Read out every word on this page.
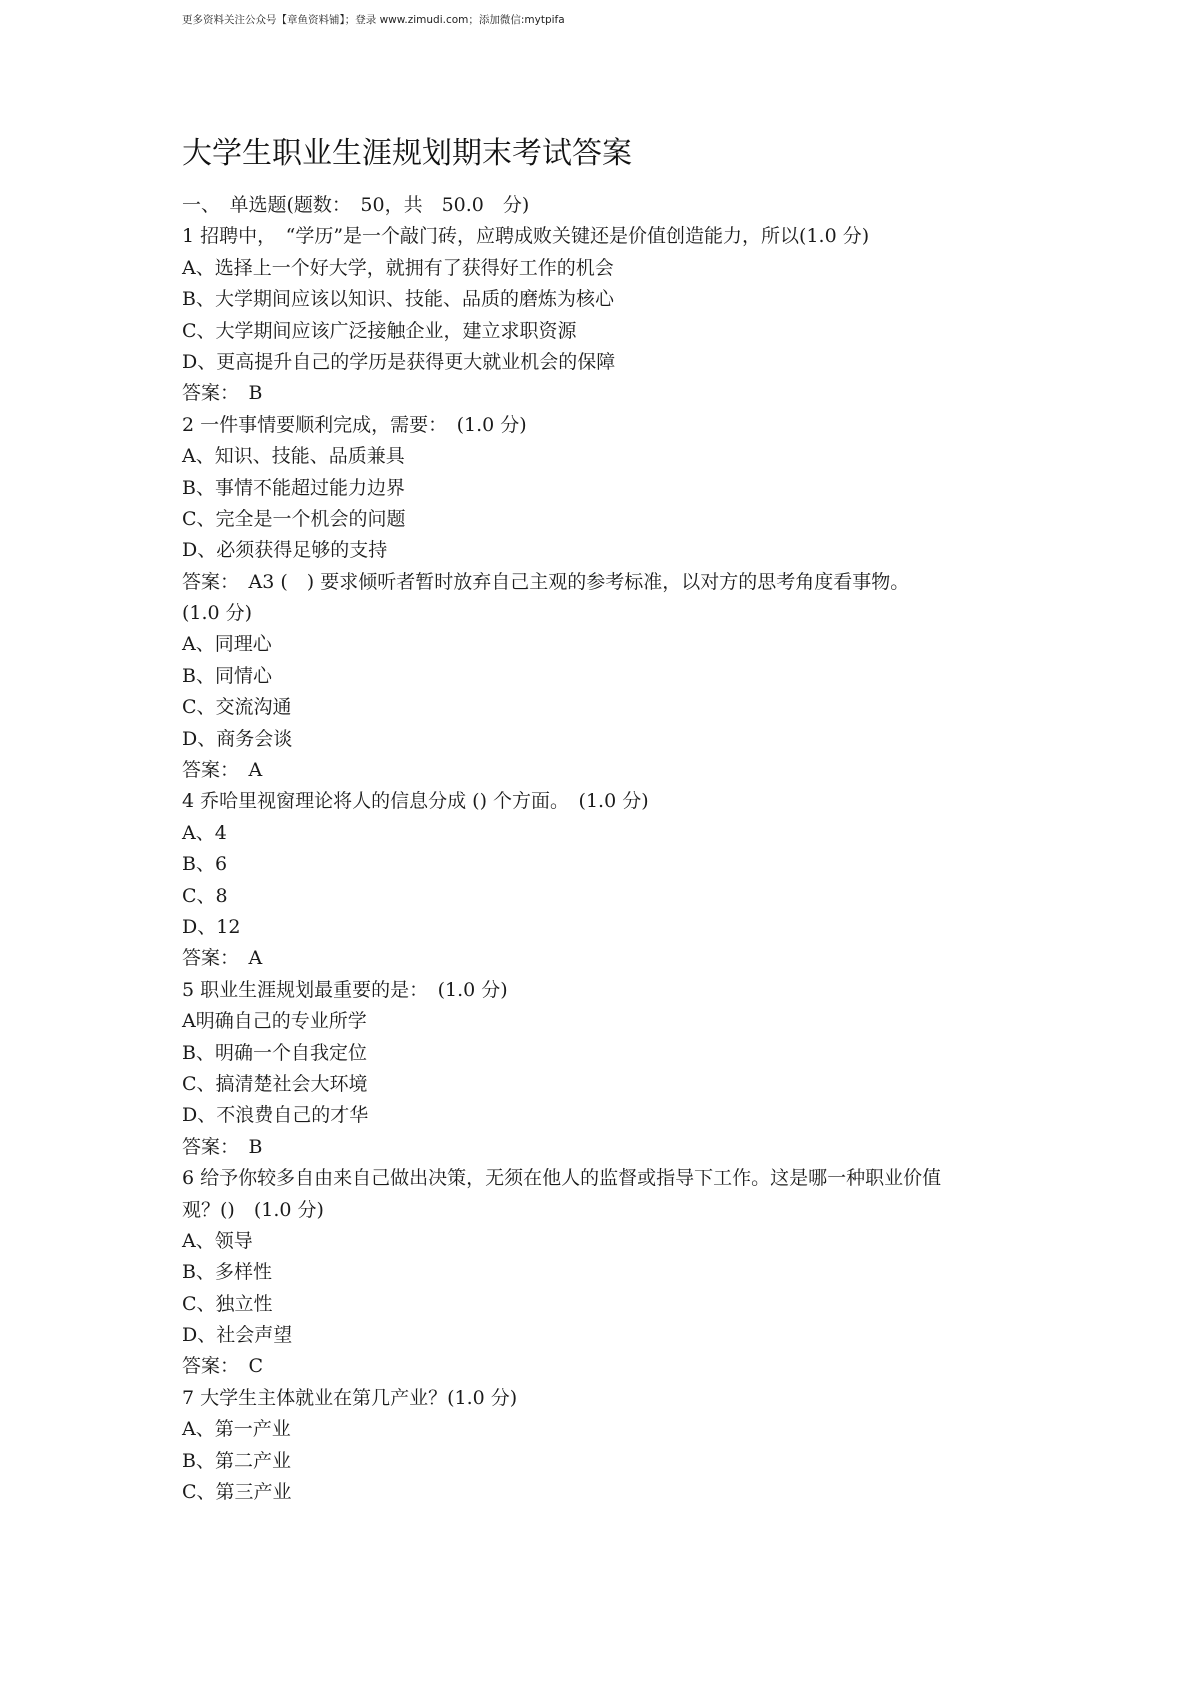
更多资料关注公众号【章鱼资料铺】；登录 www.zimudi.com；添加微信:mytpifa
大学生职业生涯规划期末考试答案
一、　单选题(题数：　50，共　50.0　分)
1 招聘中，　“学历”是一个敲门砖，应聘成败关键还是价值创造能力，所以(1.0 分)
A、选择上一个好大学，就拥有了获得好工作的机会
B、大学期间应该以知识、技能、品质的磨炼为核心
C、大学期间应该广泛接触企业，建立求职资源
D、更高提升自己的学历是获得更大就业机会的保障
答案：　B
2 一件事情要顺利完成，需要：　(1.0 分)
A、知识、技能、品质兼具
B、事情不能超过能力边界
C、完全是一个机会的问题
D、必须获得足够的支持
答案：　A3 (　) 要求倾听者暂时放弃自己主观的参考标准，以对方的思考角度看事物。
(1.0 分)
A、同理心
B、同情心
C、交流沟通
D、商务会谈
答案：　A
4 乔哈里视窗理论将人的信息分成 () 个方面。　(1.0 分)
A、4
B、6
C、8
D、12
答案：　A
5 职业生涯规划最重要的是：　(1.0 分)
A明确自己的专业所学
B、明确一个自我定位
C、搞清楚社会大环境
D、不浪费自己的才华
答案：　B
6 给予你较多自由来自己做出决策，无须在他人的监督或指导下工作。这是哪一种职业价值
观？()　(1.0 分)
A、领导
B、多样性
C、独立性
D、社会声望
答案：　C
7 大学生主体就业在第几产业？(1.0 分)
A、第一产业
B、第二产业
C、第三产业
